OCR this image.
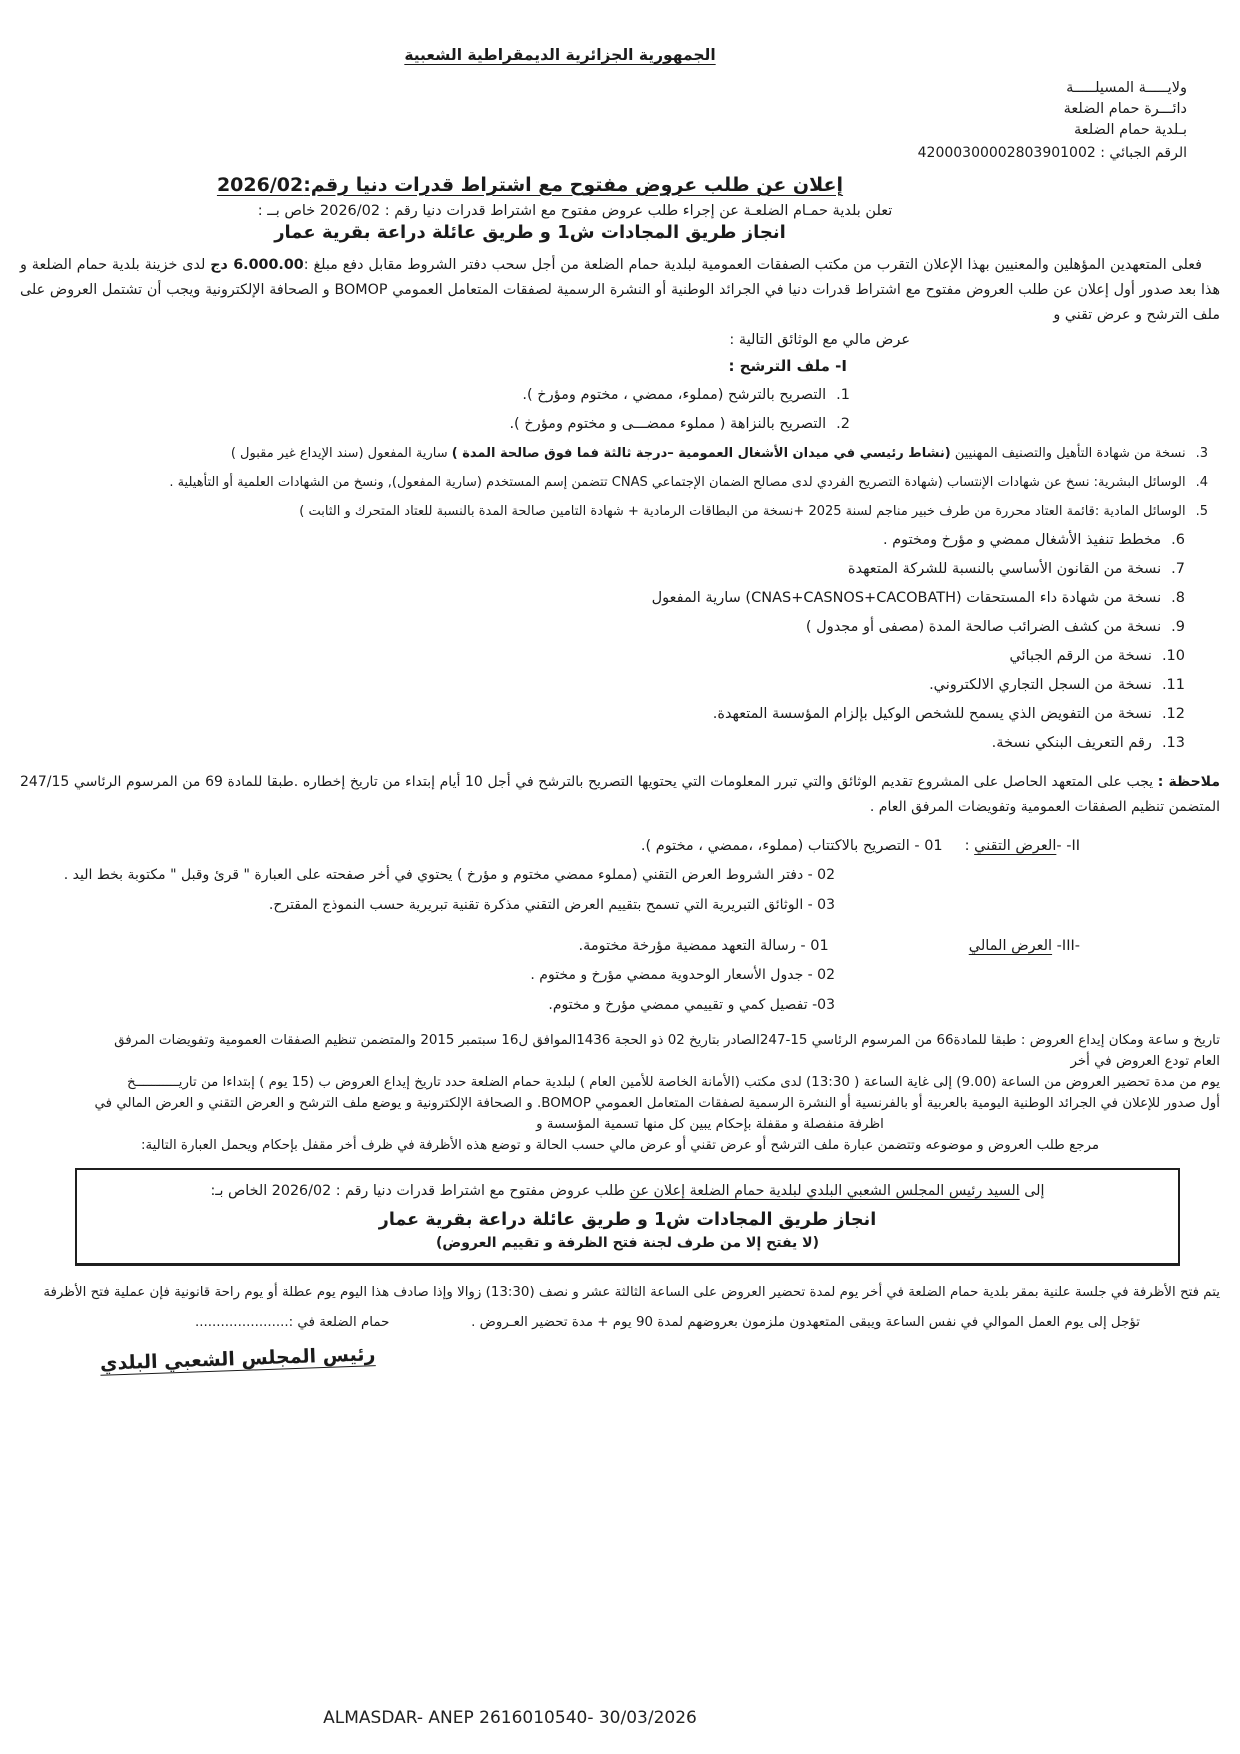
الجمهورية الجزائرية الديمقراطية الشعبية
ولايـــــة المسيلـــــة
دائـــرة حمام الضلعة
بـلدية حمام الضلعة
الرقم الجبائي : 42000300002803901002
إعلان عن طلب عروض مفتوح مع اشتراط قدرات دنيا رقم:2026/02
تعلن بلدية حمـام الضلعـة عن إجراء طلب عروض مفتوح مع اشتراط قدرات دنيا رقم : 2026/02 خاص بــ :
انجاز طريق المجادات ش1 و طريق عائلة دراعة بقرية عمار
فعلى المتعهدين المؤهلين والمعنيين بهذا الإعلان التقرب من مكتب الصفقات العمومية لبلدية حمام الضلعة من أجل سحب دفتر الشروط مقابل دفع مبلغ :6.000.00 دج لدى خزينة بلدية حمام الضلعة و هذا بعد صدور أول إعلان عن طلب العروض مفتوح مع اشتراط قدرات دنيا في الجرائد الوطنية أو النشرة الرسمية لصفقات المتعامل العمومي BOMOP و الصحافة الإلكترونية ويجب أن تشتمل العروض على ملف الترشح و عرض تقني و
عرض مالي مع الوثائق التالية :
I- ملف الترشح :
1.التصريح بالترشح (مملوء، ممضي ، مختوم ومؤرخ ).
2.التصريح بالنزاهة ( مملوء ممضـــى و مختوم ومؤرخ ).
3.نسخة من شهادة التأهيل والتصنيف المهنيين (نشاط رئيسي في ميدان الأشغال العمومية –درجة ثالثة فما فوق صالحة المدة ) سارية المفعول (سند الإيداع غير مقبول )
4.الوسائل البشرية: نسخ عن شهادات الإنتساب (شهادة التصريح الفردي لدى مصالح الضمان الإجتماعي CNAS تتضمن إسم المستخدم (سارية المفعول), ونسخ من الشهادات العلمية أو التأهيلية .
5.الوسائل المادية :قائمة العتاد محررة من طرف خبير مناجم لسنة 2025 +نسخة من البطاقات الرمادية + شهادة التامين صالحة المدة بالنسبة للعتاد المتحرك و الثابت )
6.مخطط تنفيذ الأشغال ممضي و مؤرخ ومختوم .
7.نسخة من القانون الأساسي بالنسبة للشركة المتعهدة
8.نسخة من شهادة داء المستحقات (CNAS+CASNOS+CACOBATH) سارية المفعول
9.نسخة من كشف الضرائب صالحة المدة (مصفى أو مجدول )
10.نسخة من الرقم الجبائي
11.نسخة من السجل التجاري الالكتروني.
12.نسخة من التفويض الذي يسمح للشخص الوكيل بإلزام المؤسسة المتعهدة.
13.رقم التعريف البنكي نسخة.
ملاحظة : يجب على المتعهد الحاصل على المشروع تقديم الوثائق والتي تبرر المعلومات التي يحتويها التصريح بالترشح في أجل 10 أيام إبتداء من تاريخ إخطاره .طبقا للمادة 69 من المرسوم الرئاسي 247/15 المتضمن تنظيم الصفقات العمومية وتفويضات المرفق العام .
II- -العرض التقني :
01 - التصريح بالاكتتاب (مملوء، ،ممضي ، مختوم ).
02 - دفتر الشروط العرض التقني (مملوء ممضي مختوم و مؤرخ ) يحتوي في أخر صفحته على العبارة " قرئ وقبل " مكتوبة بخط اليد .
03 - الوثائق التبريرية التي تسمح بتقييم العرض التقني مذكرة تقنية تبريرية حسب النموذج المقترح.
-III- العرض المالي
01 - رسالة التعهد ممضية مؤرخة مختومة.
02 - جدول الأسعار الوحدوية ممضي مؤرخ و مختوم .
03- تفصيل كمي و تقييمي ممضي مؤرخ و مختوم.
تاريخ و ساعة ومكان إيداع العروض : طبقا للمادة66 من المرسوم الرئاسي 15-247الصادر بتاريخ 02 ذو الحجة 1436الموافق ل16 سبتمبر 2015 والمتضمن تنظيم الصفقات العمومية وتفويضات المرفق
العام تودع العروض في أخر
يوم من مدة تحضير العروض من الساعة (9.00) إلى غاية الساعة ( 13:30) لدى مكتب (الأمانة الخاصة للأمين العام ) لبلدية حمام الضلعة حدد تاريخ إيداع العروض ب (15 يوم ) إبتداءا من تاريـــــــــــخ
أول صدور للإعلان في الجرائد الوطنية اليومية بالعربية أو بالفرنسية أو النشرة الرسمية لصفقات المتعامل العمومي BOMOP. و الصحافة الإلكترونية و يوضع ملف الترشح و العرض التقني و العرض المالي في
اظرفة منفصلة و مقفلة بإحكام يبين كل منها تسمية المؤسسة و
مرجع طلب العروض و موضوعه وتتضمن عبارة ملف الترشح أو عرض تقني أو عرض مالي حسب الحالة و توضع هذه الأظرفة في ظرف أخر مقفل بإحكام ويحمل العبارة التالية:
إلى السيد رئيس المجلس الشعبي البلدي لبلدية حمام الضلعة إعلان عن طلب عروض مفتوح مع اشتراط قدرات دنيا رقم : 2026/02 الخاص بـ:
انجاز طريق المجادات ش1 و طريق عائلة دراعة بقرية عمار
(لا يفتح إلا من طرف لجنة فتح الظرفة و تقييم العروض)
يتم فتح الأظرفة في جلسة علنية بمقر بلدية حمام الضلعة في أخر يوم لمدة تحضير العروض على الساعة الثالثة عشر و نصف (13:30) زوالا وإذا صادف هذا اليوم يوم عطلة أو يوم راحة قانونية فإن عملية فتح الأظرفة
تؤجل إلى يوم العمل الموالي في نفس الساعة ويبقى المتعهدون ملزمون بعروضهم لمدة 90 يوم + مدة تحضير العـروض .
حمام الضلعة في :......................
رئيس المجلس الشعبي البلدي
ALMASDAR- ANEP 2616010540- 30/03/2026
